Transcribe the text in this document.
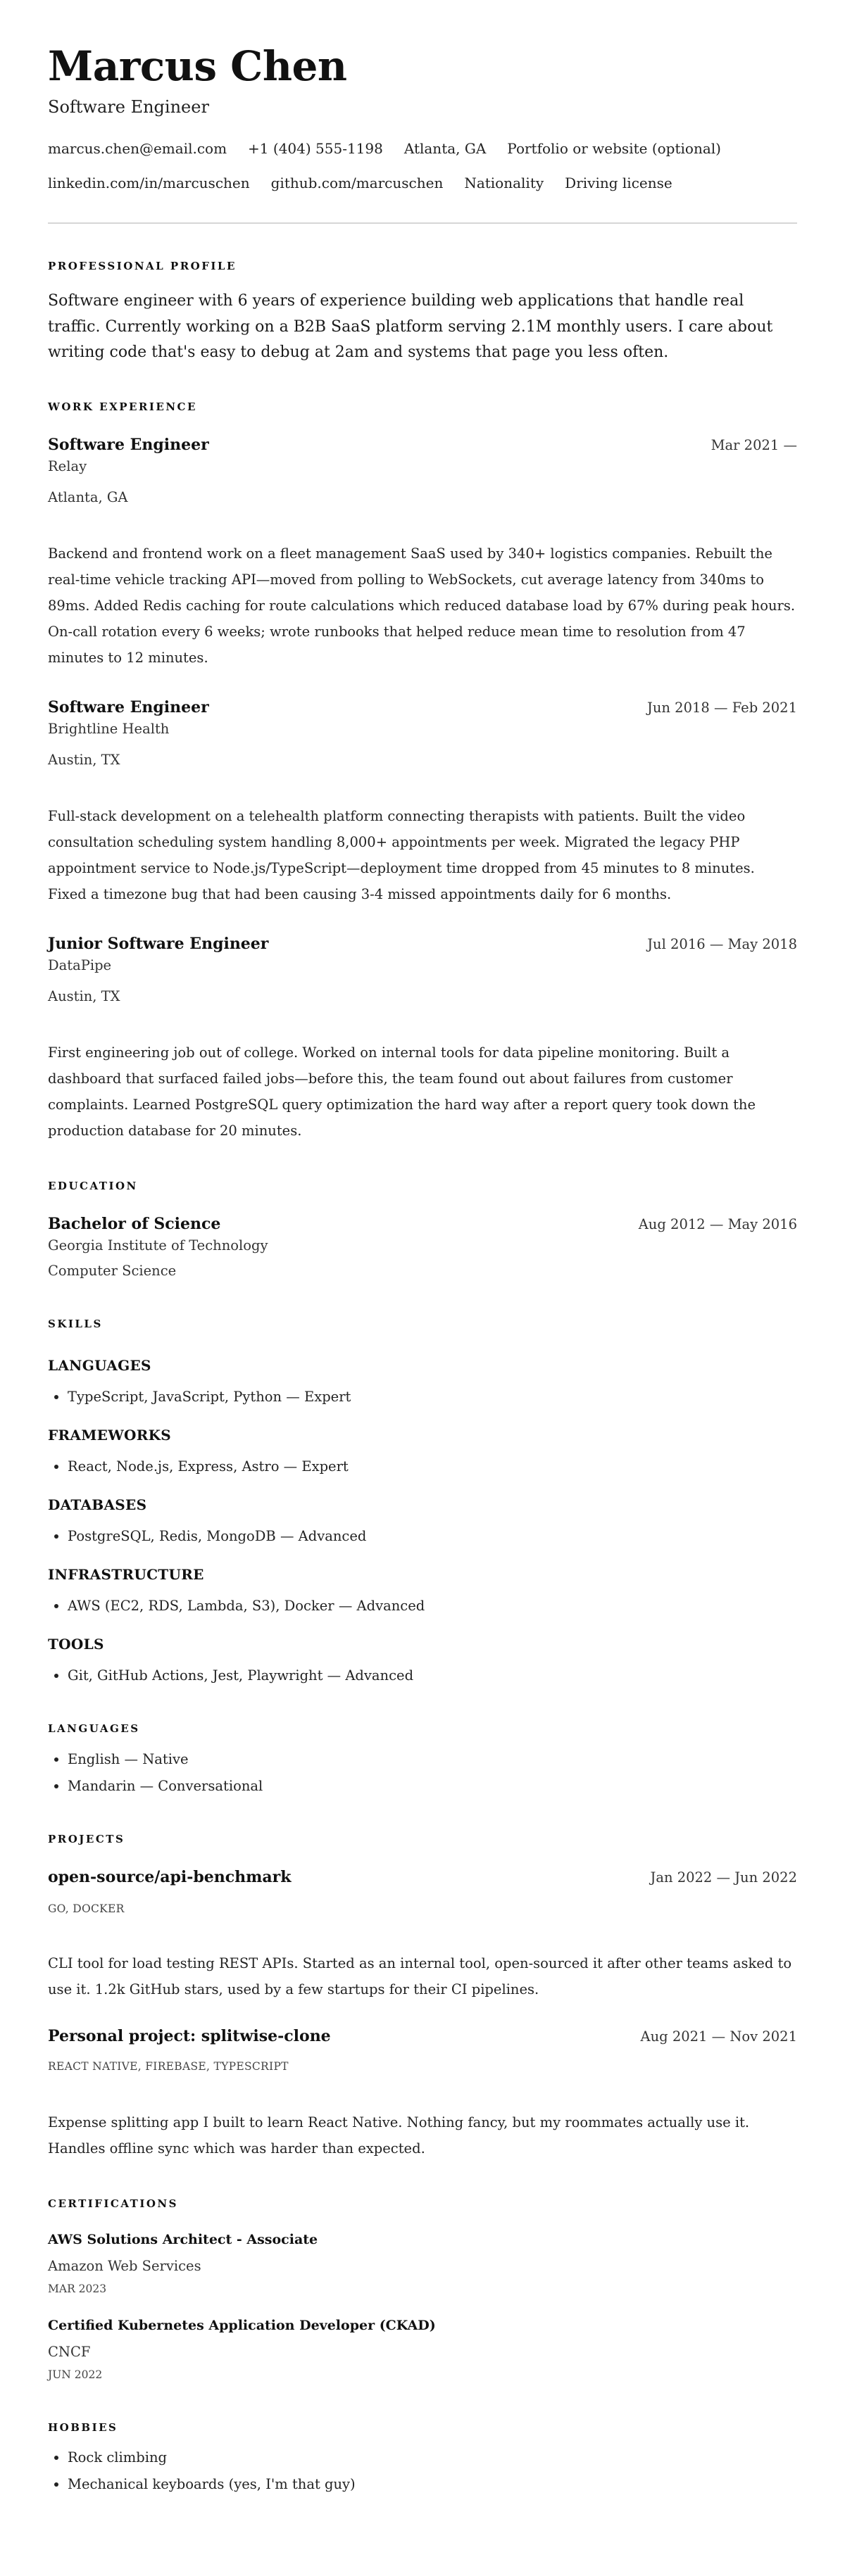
Marcus Chen
Software Engineer
marcus.chen@email.com +1 (404) 555-1198 Atlanta, GA Portfolio or website (optional)
linkedin.com/in/marcuschen github.com/marcuschen Nationality Driving license
PROFESSIONAL PROFILE

Software engineer with 6 years of experience building web applications that handle real traffic. Currently working on a B2B SaaS platform serving 2.1M monthly users. I care about writing code that's easy to debug at 2am and systems that page you less often.

WORK EXPERIENCE
Software Engineer	Mar 2021 —
Relay
Atlanta, GA
Backend and frontend work on a fleet management SaaS used by 340+ logistics companies. Rebuilt the real-time vehicle tracking API—moved from polling to WebSockets, cut average latency from 340ms to 89ms. Added Redis caching for route calculations which reduced database load by 67% during peak hours. On-call rotation every 6 weeks; wrote runbooks that helped reduce mean time to resolution from 47 minutes to 12 minutes.
Software Engineer	Jun 2018 — Feb 2021
Brightline Health
Austin, TX
Full-stack development on a telehealth platform connecting therapists with patients. Built the video consultation scheduling system handling 8,000+ appointments per week. Migrated the legacy PHP appointment service to Node.js/TypeScript—deployment time dropped from 45 minutes to 8 minutes. Fixed a timezone bug that had been causing 3-4 missed appointments daily for 6 months.
Junior Software Engineer	Jul 2016 — May 2018
DataPipe
Austin, TX
First engineering job out of college. Worked on internal tools for data pipeline monitoring. Built a dashboard that surfaced failed jobs—before this, the team found out about failures from customer complaints. Learned PostgreSQL query optimization the hard way after a report query took down the production database for 20 minutes.
EDUCATION
Bachelor of Science	Aug 2012 — May 2016
Georgia Institute of Technology
Computer Science
SKILLS
LANGUAGES
• TypeScript, JavaScript, Python — Expert
FRAMEWORKS
• React, Node.js, Express, Astro — Expert
DATABASES
• PostgreSQL, Redis, MongoDB — Advanced
INFRASTRUCTURE
• AWS (EC2, RDS, Lambda, S3), Docker — Advanced
TOOLS
• Git, GitHub Actions, Jest, Playwright — Advanced
LANGUAGES
• English — Native
• Mandarin — Conversational
PROJECTS
open-source/api-benchmark	Jan 2022 — Jun 2022
GO, DOCKER
CLI tool for load testing REST APIs. Started as an internal tool, open-sourced it after other teams asked to use it. 1.2k GitHub stars, used by a few startups for their CI pipelines.
Personal project: splitwise-clone	Aug 2021 — Nov 2021
REACT NATIVE, FIREBASE, TYPESCRIPT
Expense splitting app I built to learn React Native. Nothing fancy, but my roommates actually use it. Handles offline sync which was harder than expected.
CERTIFICATIONS
AWS Solutions Architect - Associate
Amazon Web Services
MAR 2023
Certified Kubernetes Application Developer (CKAD)
CNCF
JUN 2022
HOBBIES
• Rock climbing
• Mechanical keyboards (yes, I'm that guy)
